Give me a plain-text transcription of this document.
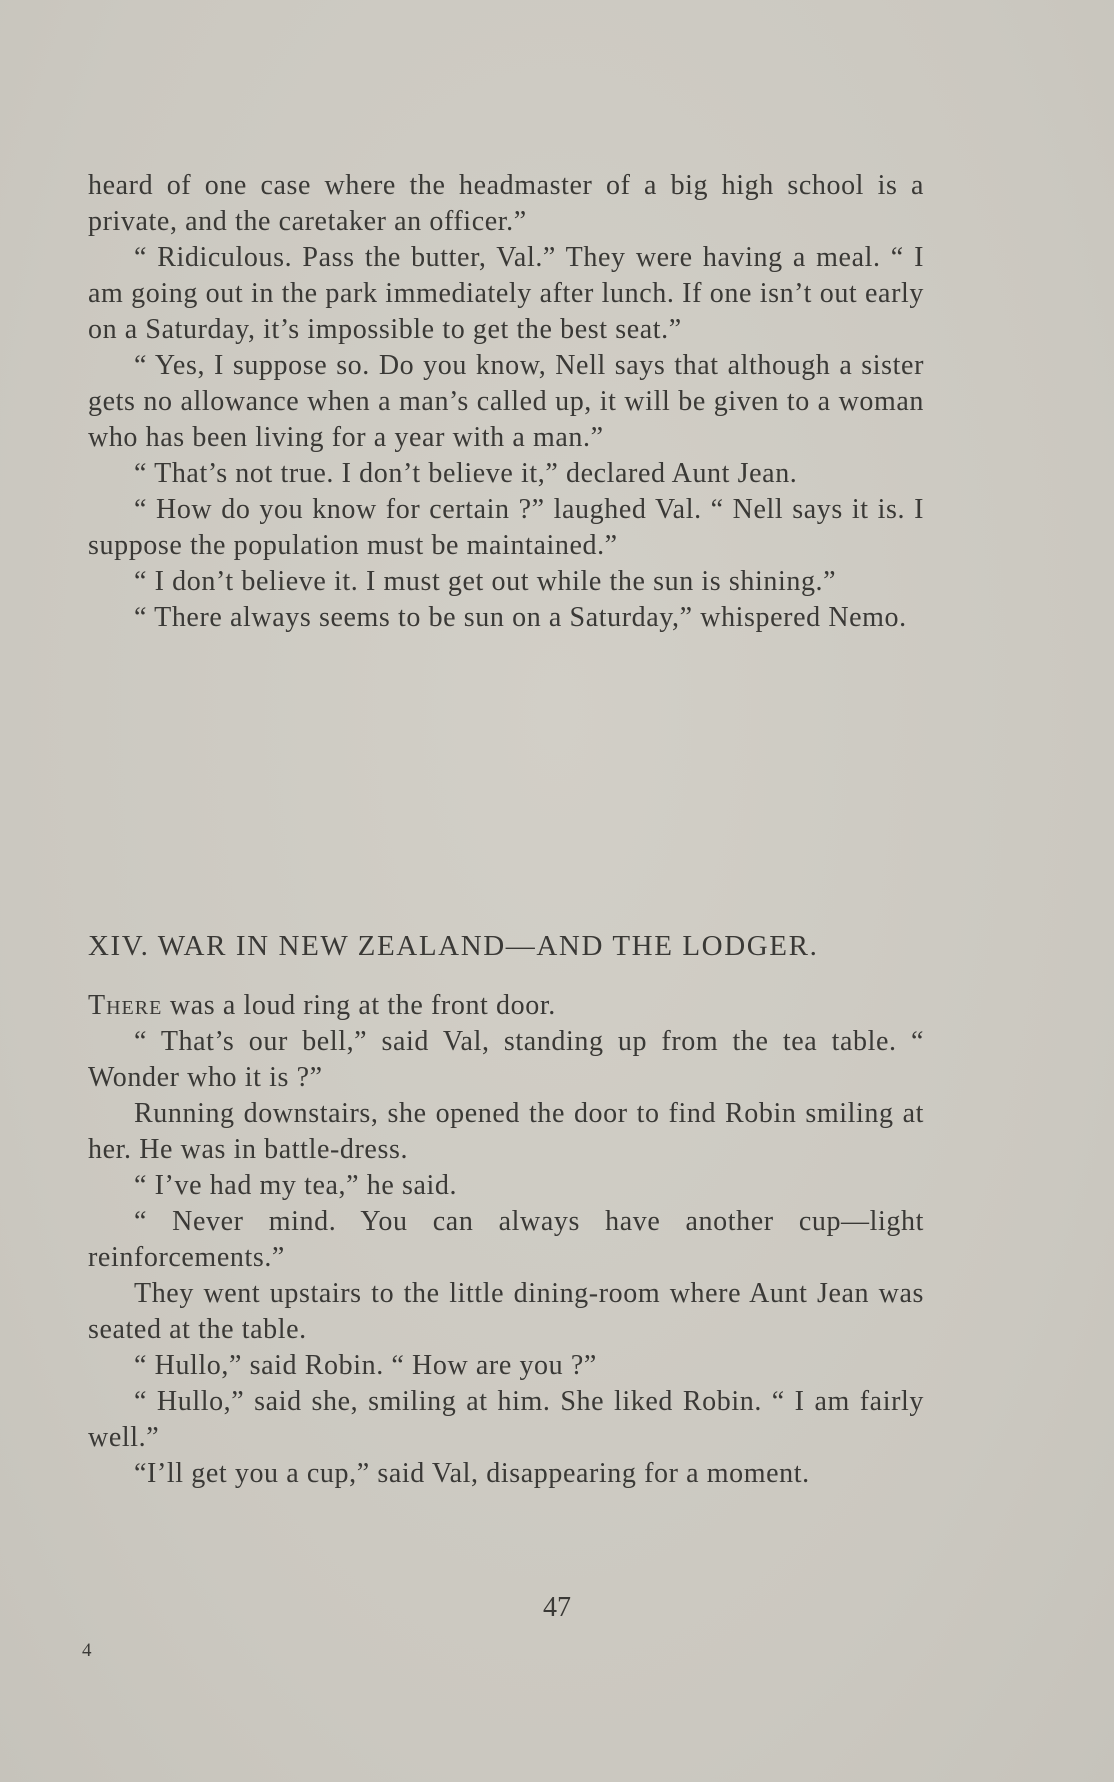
heard of one case where the headmaster of a big high school is a private, and the caretaker an officer.”

“ Ridiculous. Pass the butter, Val.” They were having a meal. “ I am going out in the park immediately after lunch. If one isn’t out early on a Saturday, it’s impossible to get the best seat.”

“ Yes, I suppose so. Do you know, Nell says that although a sister gets no allowance when a man’s called up, it will be given to a woman who has been living for a year with a man.”

“ That’s not true. I don’t believe it,” declared Aunt Jean.

“ How do you know for certain ?” laughed Val. “ Nell says it is. I suppose the population must be maintained.”

“ I don’t believe it. I must get out while the sun is shining.”

“ There always seems to be sun on a Saturday,” whispered Nemo.

XIV. WAR IN NEW ZEALAND—AND THE LODGER.

There was a loud ring at the front door.

“ That’s our bell,” said Val, standing up from the tea table. “ Wonder who it is ?”

Running downstairs, she opened the door to find Robin smiling at her. He was in battle-dress.

“ I’ve had my tea,” he said.

“ Never mind. You can always have another cup—light reinforcements.”

They went upstairs to the little dining-room where Aunt Jean was seated at the table.

“ Hullo,” said Robin. “ How are you ?”

“ Hullo,” said she, smiling at him. She liked Robin. “ I am fairly well.”

“I’ll get you a cup,” said Val, disappearing for a moment.

47
4
